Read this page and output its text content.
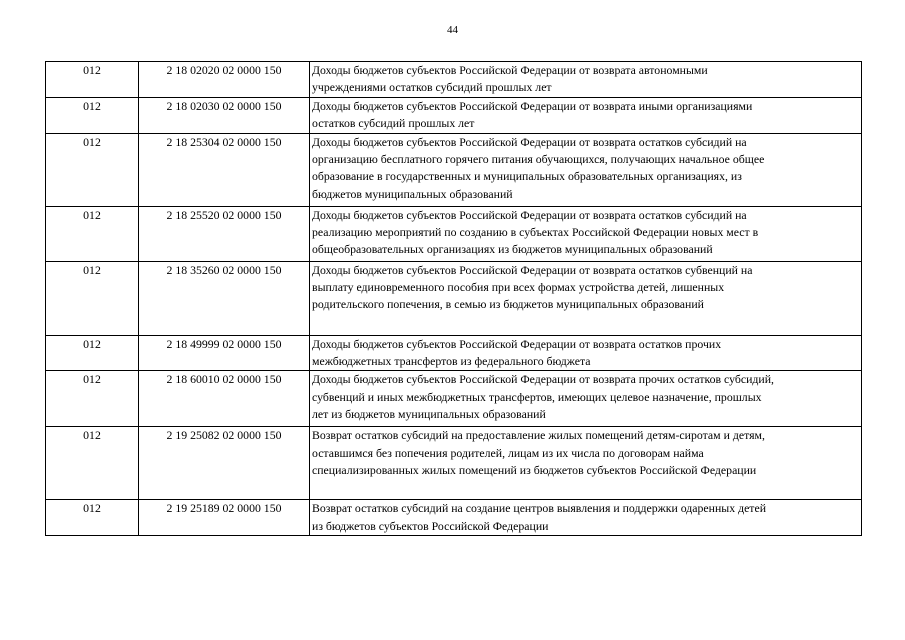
44
012	2 18 02020 02 0000 150	Доходы бюджетов субъектов Российской Федерации от возврата автономными
учреждениями остатков субсидий прошлых лет

012	2 18 02030 02 0000 150	Доходы бюджетов субъектов Российской Федерации от возврата иными организациями
остатков субсидий прошлых лет

012	2 18 25304 02 0000 150	Доходы бюджетов субъектов Российской Федерации от возврата остатков субсидий на
организацию бесплатного горячего питания обучающихся, получающих начальное общее
образование в государственных и муниципальных образовательных организациях, из
бюджетов муниципальных образований

012	2 18 25520 02 0000 150	Доходы бюджетов субъектов Российской Федерации от возврата остатков субсидий на
реализацию мероприятий по созданию в субъектах Российской Федерации новых мест в
общеобразовательных организациях из бюджетов муниципальных образований

012	2 18 35260 02 0000 150	Доходы бюджетов субъектов Российской Федерации от возврата остатков субвенций на
выплату единовременного пособия при всех формах устройства детей, лишенных
родительского попечения, в семью из бюджетов муниципальных образований

012	2 18 49999 02 0000 150	Доходы бюджетов субъектов Российской Федерации от возврата остатков прочих
межбюджетных трансфертов из федерального бюджета

012	2 18 60010 02 0000 150	Доходы бюджетов субъектов Российской Федерации от возврата прочих остатков субсидий,
субвенций и иных межбюджетных трансфертов, имеющих целевое назначение, прошлых
лет из бюджетов муниципальных образований

012	2 19 25082 02 0000 150	Возврат остатков субсидий на предоставление жилых помещений детям-сиротам и детям,
оставшимся без попечения родителей, лицам из их числа по договорам найма
специализированных жилых помещений из бюджетов субъектов Российской Федерации

012	2 19 25189 02 0000 150	Возврат остатков субсидий на создание центров выявления и поддержки одаренных детей
из бюджетов субъектов Российской Федерации
